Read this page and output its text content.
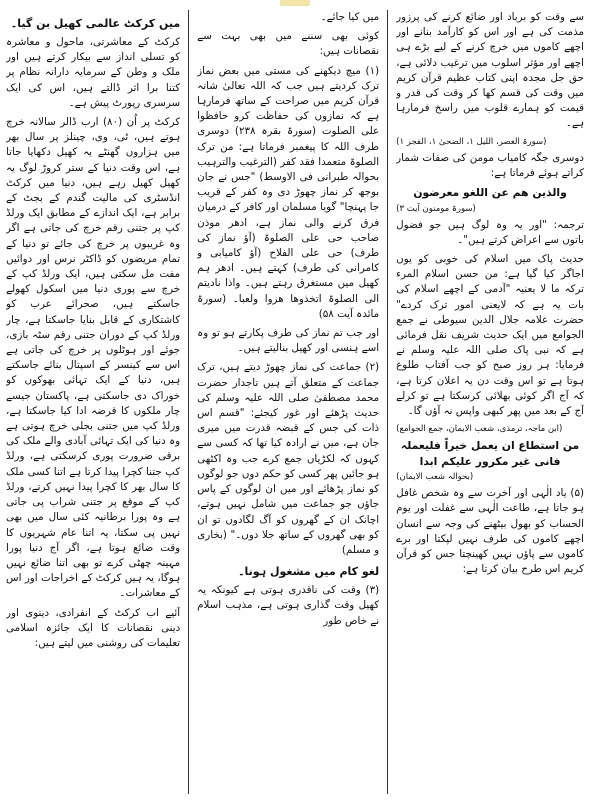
میں کرکٹ عالمی کھیل بن گیا۔

کرکٹ کے معاشرتی، ماحول و معاشرہ کو تسلی انداز سے بیکار کرتے ہیں اور ملک و وطن کے سرمایہ دارانہ نظام پر کتنا برا اثر ڈالتے ہیں، اس کی ایک سرسری رپورٹ پیش ہے۔

کرکٹ پر اُن (۸۰) ارب ڈالر سالانہ خرچ ہوتے ہیں، ٹی، وی، چینلز پر سال بھر میں ہزاروں گھنٹے یہ کھیل دکھایا جاتا ہے، اس وقت دنیا کے ستر کروڑ لوگ یہ کھیل کھیل رہے ہیں، دنیا میں کرکٹ انڈسٹری کی مالیت گندم کے بجٹ کے برابر ہے، ایک اندازے کے مطابق ایک ورلڈ کپ پر جتنی رقم خرچ کی جاتی ہے اگر وہ غریبوں پر خرچ کی جائے تو دنیا کے تمام مریضوں کو ڈاکٹر نرس اور دوائیں مفت مل سکتی ہیں، ایک ورلڈ کپ کے خرچ سے پوری دنیا میں اسکول کھولے جاسکتے ہیں، صحرائے عرب کو کاشتکاری کے قابل بنایا جاسکتا ہے، چار ورلڈ کپ کے دوران جتنی رقم سٹہ بازی، جوئے اور ہوٹلوں پر خرچ کی جاتی ہے اس سے کینسر کے اسپتال بنائے جاسکتے ہیں، دنیا کے ایک تہائی بھوکوں کو خوراک دی جاسکتی ہے، پاکستان جیسے چار ملکوں کا قرضہ ادا کیا جاسکتا ہے، ورلڈ کپ میں جتنی بجلی خرچ ہوتی ہے وہ دنیا کی ایک تہائی آبادی والے ملک کی برقی ضرورت پوری کرسکتی ہے، ورلڈ کپ جتنا کچرا پیدا کرتا ہے اتنا کسی ملک کا سال بھر کا کچرا پیدا نہیں کرتے، ورلڈ کپ کے موقع پر جتنی شراب پی جاتی ہے وہ پورا برطانیہ کئی سال میں بھی نہیں پی سکتا، یہ اتنا عام شہریوں کا وقت ضائع ہوتا ہے، اگر آج دنیا پورا مہینہ چھٹی کرے تو بھی اتنا ضائع نہیں ہوگا، یہ ہیں کرکٹ کے اخراجات اور اس کے معاشرات۔

آئیے اب کرکٹ کے انفرادی، دینوی اور دینی نقصانات کا ایک جائزہ اسلامی تعلیمات کی روشنی میں لیتے ہیں:

میں کیا جائے۔

کوئی بھی سننے میں بھی بہت سے نقصانات ہیں:

(۱) میچ دیکھنے کی مستی میں بعض نماز ترک کردیتے ہیں جب کہ اللہ تعالیٰ شانہ قرآن کریم میں صراحت کے ساتھ فرمارہا ہے کہ نمازوں کی حفاظت کرو حافظوا علی الصلوت (سورۃ بقرہ ۲۳۸) دوسری طرف اللہ کا پیغمبر فرماتا ہے: من ترک الصلوۃ متعمدا فقد کفر (الترغیب والترہیب بحوالہ طبرانی فی الاوسط) "جس نے جان بوجھ کر نماز چھوڑ دی وہ کفر کے قریب جا پہنچا" گویا مسلمان اور کافر کے درمیان فرق کرنے والی نماز ہے، ادھر موذن صاحب حی علی الصلوۃ (آؤ نماز کی طرف) حی علی الفلاح (آؤ کامیابی و کامرانی کی طرف) کہتے ہیں۔ ادھر ہم کھیل میں مستغرق رہتے ہیں۔ واذا نادیتم الی الصلوۃ اتخذوھا ھزوا ولعبا۔ (سورۃ مائدہ آیت ۵۸)

اور جب تم نماز کی طرف پکارتے ہو تو وہ اسے ہنسی اور کھیل بنالیتے ہیں۔

(۲) جماعت کی نماز چھوڑ دیتے ہیں، ترک جماعت کے متعلق آتے ہیں تاجدار حضرت محمد مصطفیٰ صلی اللہ علیہ وسلم کی حدیث پڑھئے اور غور کیجئے: "قسم اس ذات کی جس کے قبضہ قدرت میں میری جان ہے، میں نے ارادہ کیا تھا کہ کسی سے کہوں کہ لکڑیاں جمع کرے جب وہ اکٹھی ہو جائیں پھر کسی کو حکم دوں جو لوگوں کو نماز پڑھائے اور میں ان لوگوں کے پاس جاؤں جو جماعت میں شامل نہیں ہوتے، اچانک ان کے گھروں کو آگ لگادوں تو ان کو بھی گھروں کے ساتھ جلا دوں۔" (بخاری و مسلم)

لغو کام میں مشغول ہونا۔

(۳) وقت کی ناقدری ہوتی ہے کیونکہ یہ کھیل وقت گذاری ہوتی ہے، مذہب اسلام نے خاص طور

سے وقت کو برباد اور ضائع کرنے کی پرزور مذمت کی ہے اور اس کو کارآمد بنانے اور اچھے کاموں میں خرچ کرنے کے لیے بڑے ہی اچھے اور مؤثر اسلوب میں ترغیب دلائی ہے، حق جل مجدہ اپنی کتاب عظیم قرآن کریم میں وقت کی قسم کھا کر وقت کی قدر و قیمت کو ہمارے قلوب میں راسخ فرمارہا ہے۔

(سورۃ العصر، اللیل ۱، الضحیٰ ۱، الفجر ۱)

دوسری جگہ کامیاب مومن کی صفات شمار کراتے ہوئے فرماتا ہے:

والذین ھم عن اللغو معرضون

(سورۃ مومنون آیت ۳)

ترجمہ: "اور یہ وہ لوگ ہیں جو فضول باتوں سے اعراض کرتے ہیں"۔

حدیث پاک میں اسلام کی خوبی کو یوں اجاگر کیا گیا ہے: من حسن اسلام المرء ترکہ ما لا یعنیہ "آدمی کے اچھے اسلام کی بات یہ ہے کہ لایعنی امور ترک کردے" حضرت علامہ جلال الدین سیوطی نے جمع الجوامع میں ایک حدیث شریف نقل فرمائی ہے کہ نبی پاک صلی اللہ علیہ وسلم نے فرمایا: ہر روز صبح کو جب آفتاب طلوع ہوتا ہے تو اس وقت دن یہ اعلان کرتا ہے، کہ آج اگر کوئی بھلائی کرسکتا ہے تو کرلے آج کے بعد میں پھر کبھی واپس نہ آؤں گا۔

(ابن ماجہ، ترمذی، شعب الایمان، جمع الجوامع)

من استطاع ان یعمل خیراً فلیعملہ فانی غیر مکرور علیکم ابدا

(بحوالہ شعب الایمان)

(۵) یاد الٰہی اور آخرت سے وہ شخص غافل ہو جاتا ہے، طاعت الٰہی سے غفلت اور یوم الحساب کو بھول بیٹھنے کی وجہ سے انسان اچھے کاموں کی طرف نہیں لپکتا اور برے کاموں سے پاؤں نہیں کھینچتا جس کو قرآن کریم اس طرح بیان کرتا ہے:
